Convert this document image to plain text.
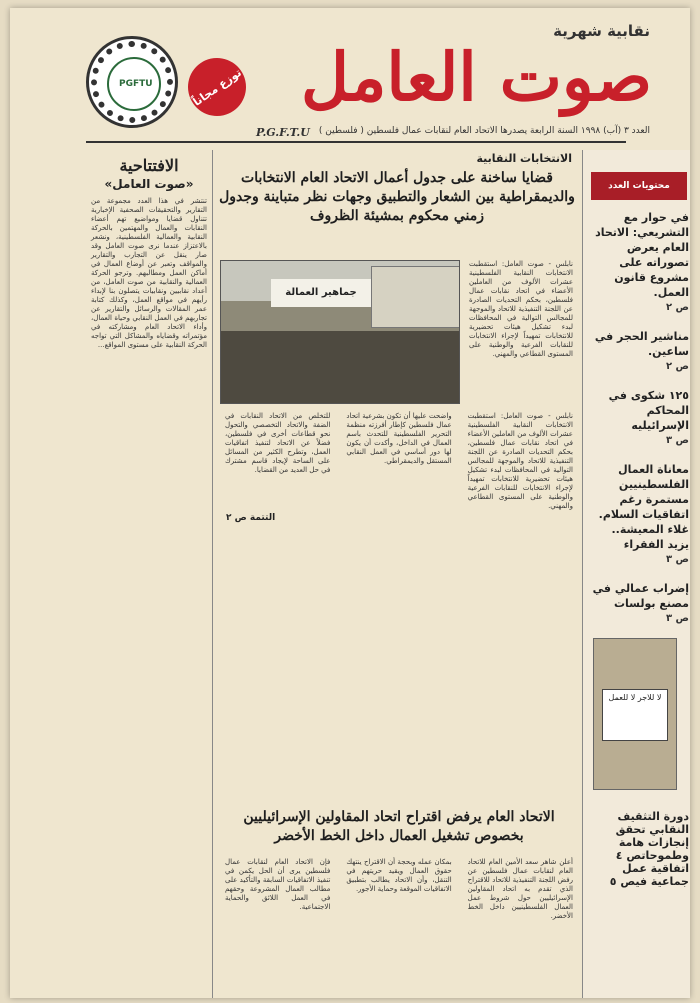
نقابية شهرية
صوت العامل
توزع مجاناً
PGFTU
P.G.F.T.U العدد ٣ (آب) ١٩٩٨ السنة الرابعة يصدرها الاتحاد العام لنقابات عمال فلسطين ( فلسطين )
الافتتاحية
«صوت العامل»
تنتشر في هذا العدد مجموعة من التقارير والتحقيقات الصحفية الإخبارية تتناول قضايا ومواضيع تهم أعضاء النقابات والعمال والمهتمين بالحركة النقابية والعمالية الفلسطينية، ونشعر بالاعتزاز عندما نرى صوت العامل وقد صار ينقل عن التجارب والتقارير والمواقف وتعبر عن أوضاع العمال في أماكن العمل ومطالبهم. وترجو الحركة العمالية والنقابية من صوت العامل، من أعداد نقابيين ونقابيات يتصلون بنا لإبداء رأيهم في مواقع العمل، وكذلك كتابة عمر المقالات والرسائل والتقارير عن تجاربهم في العمل النقابي وحياة العمال، وأداء الاتحاد العام ومشاركته في مؤتمراته وقضاياه والمشاكل التي تواجه الحركة النقابية على مستوى المواقع...
الانتخابات النقابية
قضايا ساخنة على جدول أعمال الاتحاد العام الانتخابات والديمقراطية بين الشعار والتطبيق وجهات نظر متباينة وجدول زمني محكوم بمشيئة الظروف
جماهير العمالة
نابلس - صوت العامل: استقطبت الانتخابات النقابية الفلسطينية عشرات الألوف من العاملين الأعضاء في اتحاد نقابات عمال فلسطين، بحكم التحديات الصادرة عن اللجنة التنفيذية للاتحاد والموجهة للمجالس التوالية في المحافظات لبدء تشكيل هيئات تحضيرية للانتخابات تمهيداً لإجراء الانتخابات للنقابات الفرعية والوطنية على المستوى القطاعي والمهني.
للتخلص من الاتحاد النقابات في الضفة والاتحاد التخصصي والتحول نحو قطاعات أخرى في فلسطين، فضلاً عن الاتحاد لتنفيذ اتفاقيات العمل، وتطرح الكثير من المسائل على الساحة لإيجاد قاسم مشترك في حل العديد من القضايا.
واضحت عليها أن تكون بشرعية اتحاد عمال فلسطين كإطار أفرزته منظمة التحرير الفلسطينية للتحدث باسم العمال في الداخل، وأكدت أن يكون لها دور أساسي في العمل النقابي المستقل والديمقراطي.
نابلس - صوت العامل: استقطبت الانتخابات النقابية الفلسطينية عشرات الألوف من العاملين الأعضاء في اتحاد نقابات عمال فلسطين، بحكم التحديات الصادرة عن اللجنة التنفيذية للاتحاد والموجهة للمجالس التوالية في المحافظات لبدء تشكيل هيئات تحضيرية للانتخابات تمهيداً لإجراء الانتخابات للنقابات الفرعية والوطنية على المستوى القطاعي والمهني.
التتمة ص ٢
الاتحاد العام يرفض اقتراح اتحاد المقاولين الإسرائيليين بخصوص تشغيل العمال داخل الخط الأخضر
فإن الاتحاد العام لنقابات عمال فلسطين يرى أن الحل يكمن في تنفيذ الاتفاقيات السابقة والتأكيد على مطالب العمال المشروعة وحقهم في العمل اللائق والحماية الاجتماعية.
بمكان عمله وبحجة أن الاقتراح ينتهك حقوق العمال ويقيد حريتهم في التنقل، وأن الاتحاد يطالب بتطبيق الاتفاقيات الموقعة وحماية الأجور.
أعلن شاهر سعد الأمين العام للاتحاد العام لنقابات عمال فلسطين عن رفض اللجنة التنفيذية للاتحاد للاقتراح الذي تقدم به اتحاد المقاولين الإسرائيليين حول شروط عمل العمال الفلسطينيين داخل الخط الأخضر.
محتويات العدد
في حوار مع التشريعي: الاتحاد العام يعرض تصوراته على مشروع قانون العمل.
ص ٢
مناشير الحجر في ساعين.
ص ٢
١٢٥ شكوى في المحاكم الإسرائيليه
ص ٣
معاناة العمال الفلسطينيين مستمرة رغم اتفاقيات السلام. غلاء المعيشة.. يزيد الفقراء
ص ٣
إضراب عمالي في مصنع بولسات
ص ٣
لا للاجر لا للعمل
دورة التثقيف النقابي تحقق إنجازات هامة وطموحاتص ٤
اتفاقية عمل جماعية فيص ٥
